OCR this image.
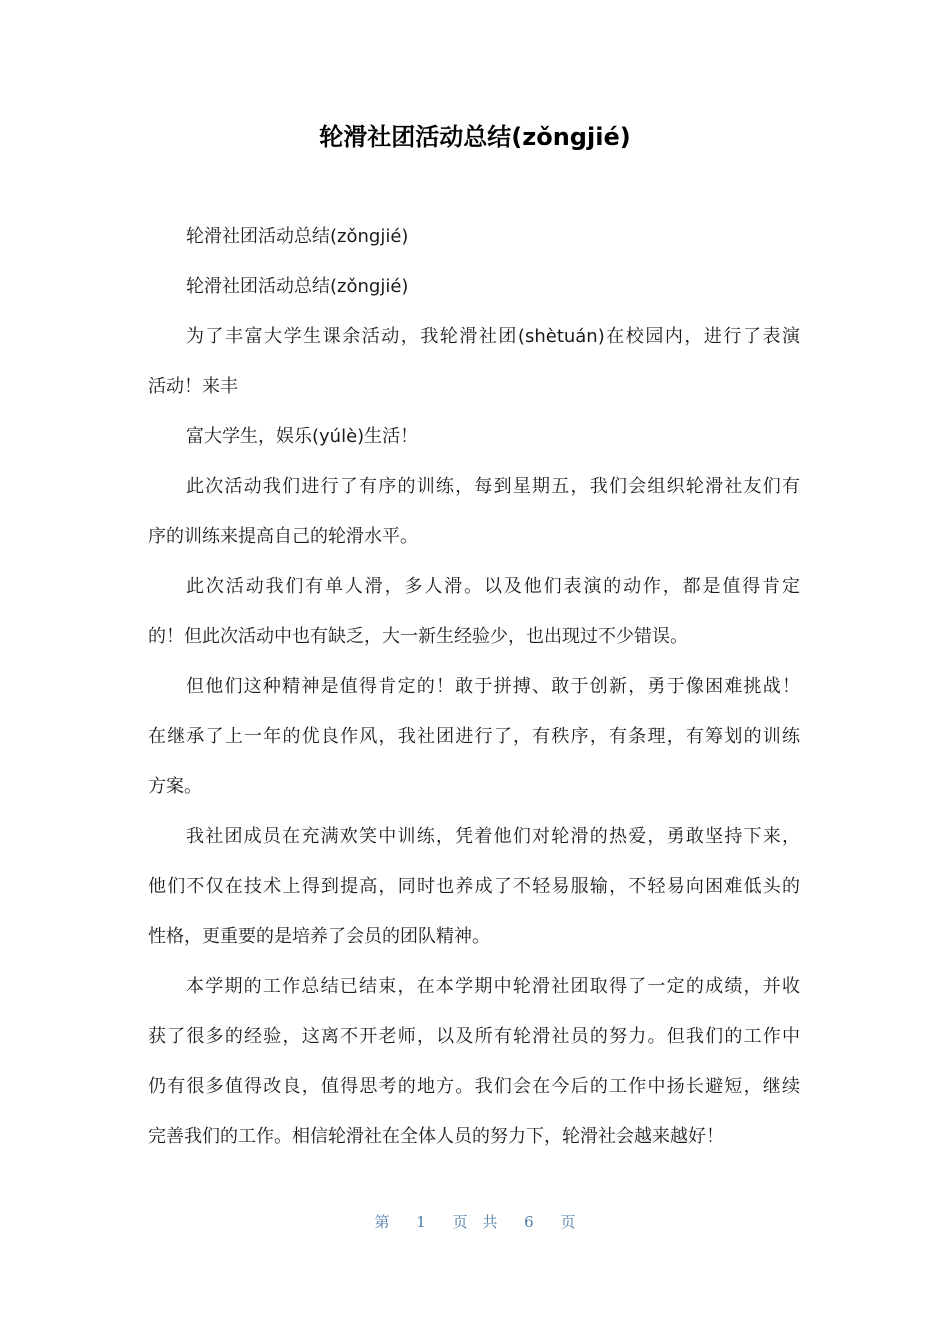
轮滑社团活动总结(zǒngjié)
轮滑社团活动总结(zǒngjié)
轮滑社团活动总结(zǒngjié)
为了丰富大学生课余活动，我轮滑社团(shètuán)在校园内，进行了表演
活动！来丰
富大学生，娱乐(yúlè)生活！
此次活动我们进行了有序的训练，每到星期五，我们会组织轮滑社友们有
序的训练来提高自己的轮滑水平。
此次活动我们有单人滑，多人滑。以及他们表演的动作，都是值得肯定
的！但此次活动中也有缺乏，大一新生经验少，也出现过不少错误。
但他们这种精神是值得肯定的！敢于拼搏、敢于创新，勇于像困难挑战！
在继承了上一年的优良作风，我社团进行了，有秩序，有条理，有筹划的训练
方案。
我社团成员在充满欢笑中训练，凭着他们对轮滑的热爱，勇敢坚持下来，
他们不仅在技术上得到提高，同时也养成了不轻易服输，不轻易向困难低头的
性格，更重要的是培养了会员的团队精神。
本学期的工作总结已结束，在本学期中轮滑社团取得了一定的成绩，并收
获了很多的经验，这离不开老师，以及所有轮滑社员的努力。但我们的工作中
仍有很多值得改良，值得思考的地方。我们会在今后的工作中扬长避短，继续
完善我们的工作。相信轮滑社在全体人员的努力下，轮滑社会越来越好！
第 1 页 共 6 页
